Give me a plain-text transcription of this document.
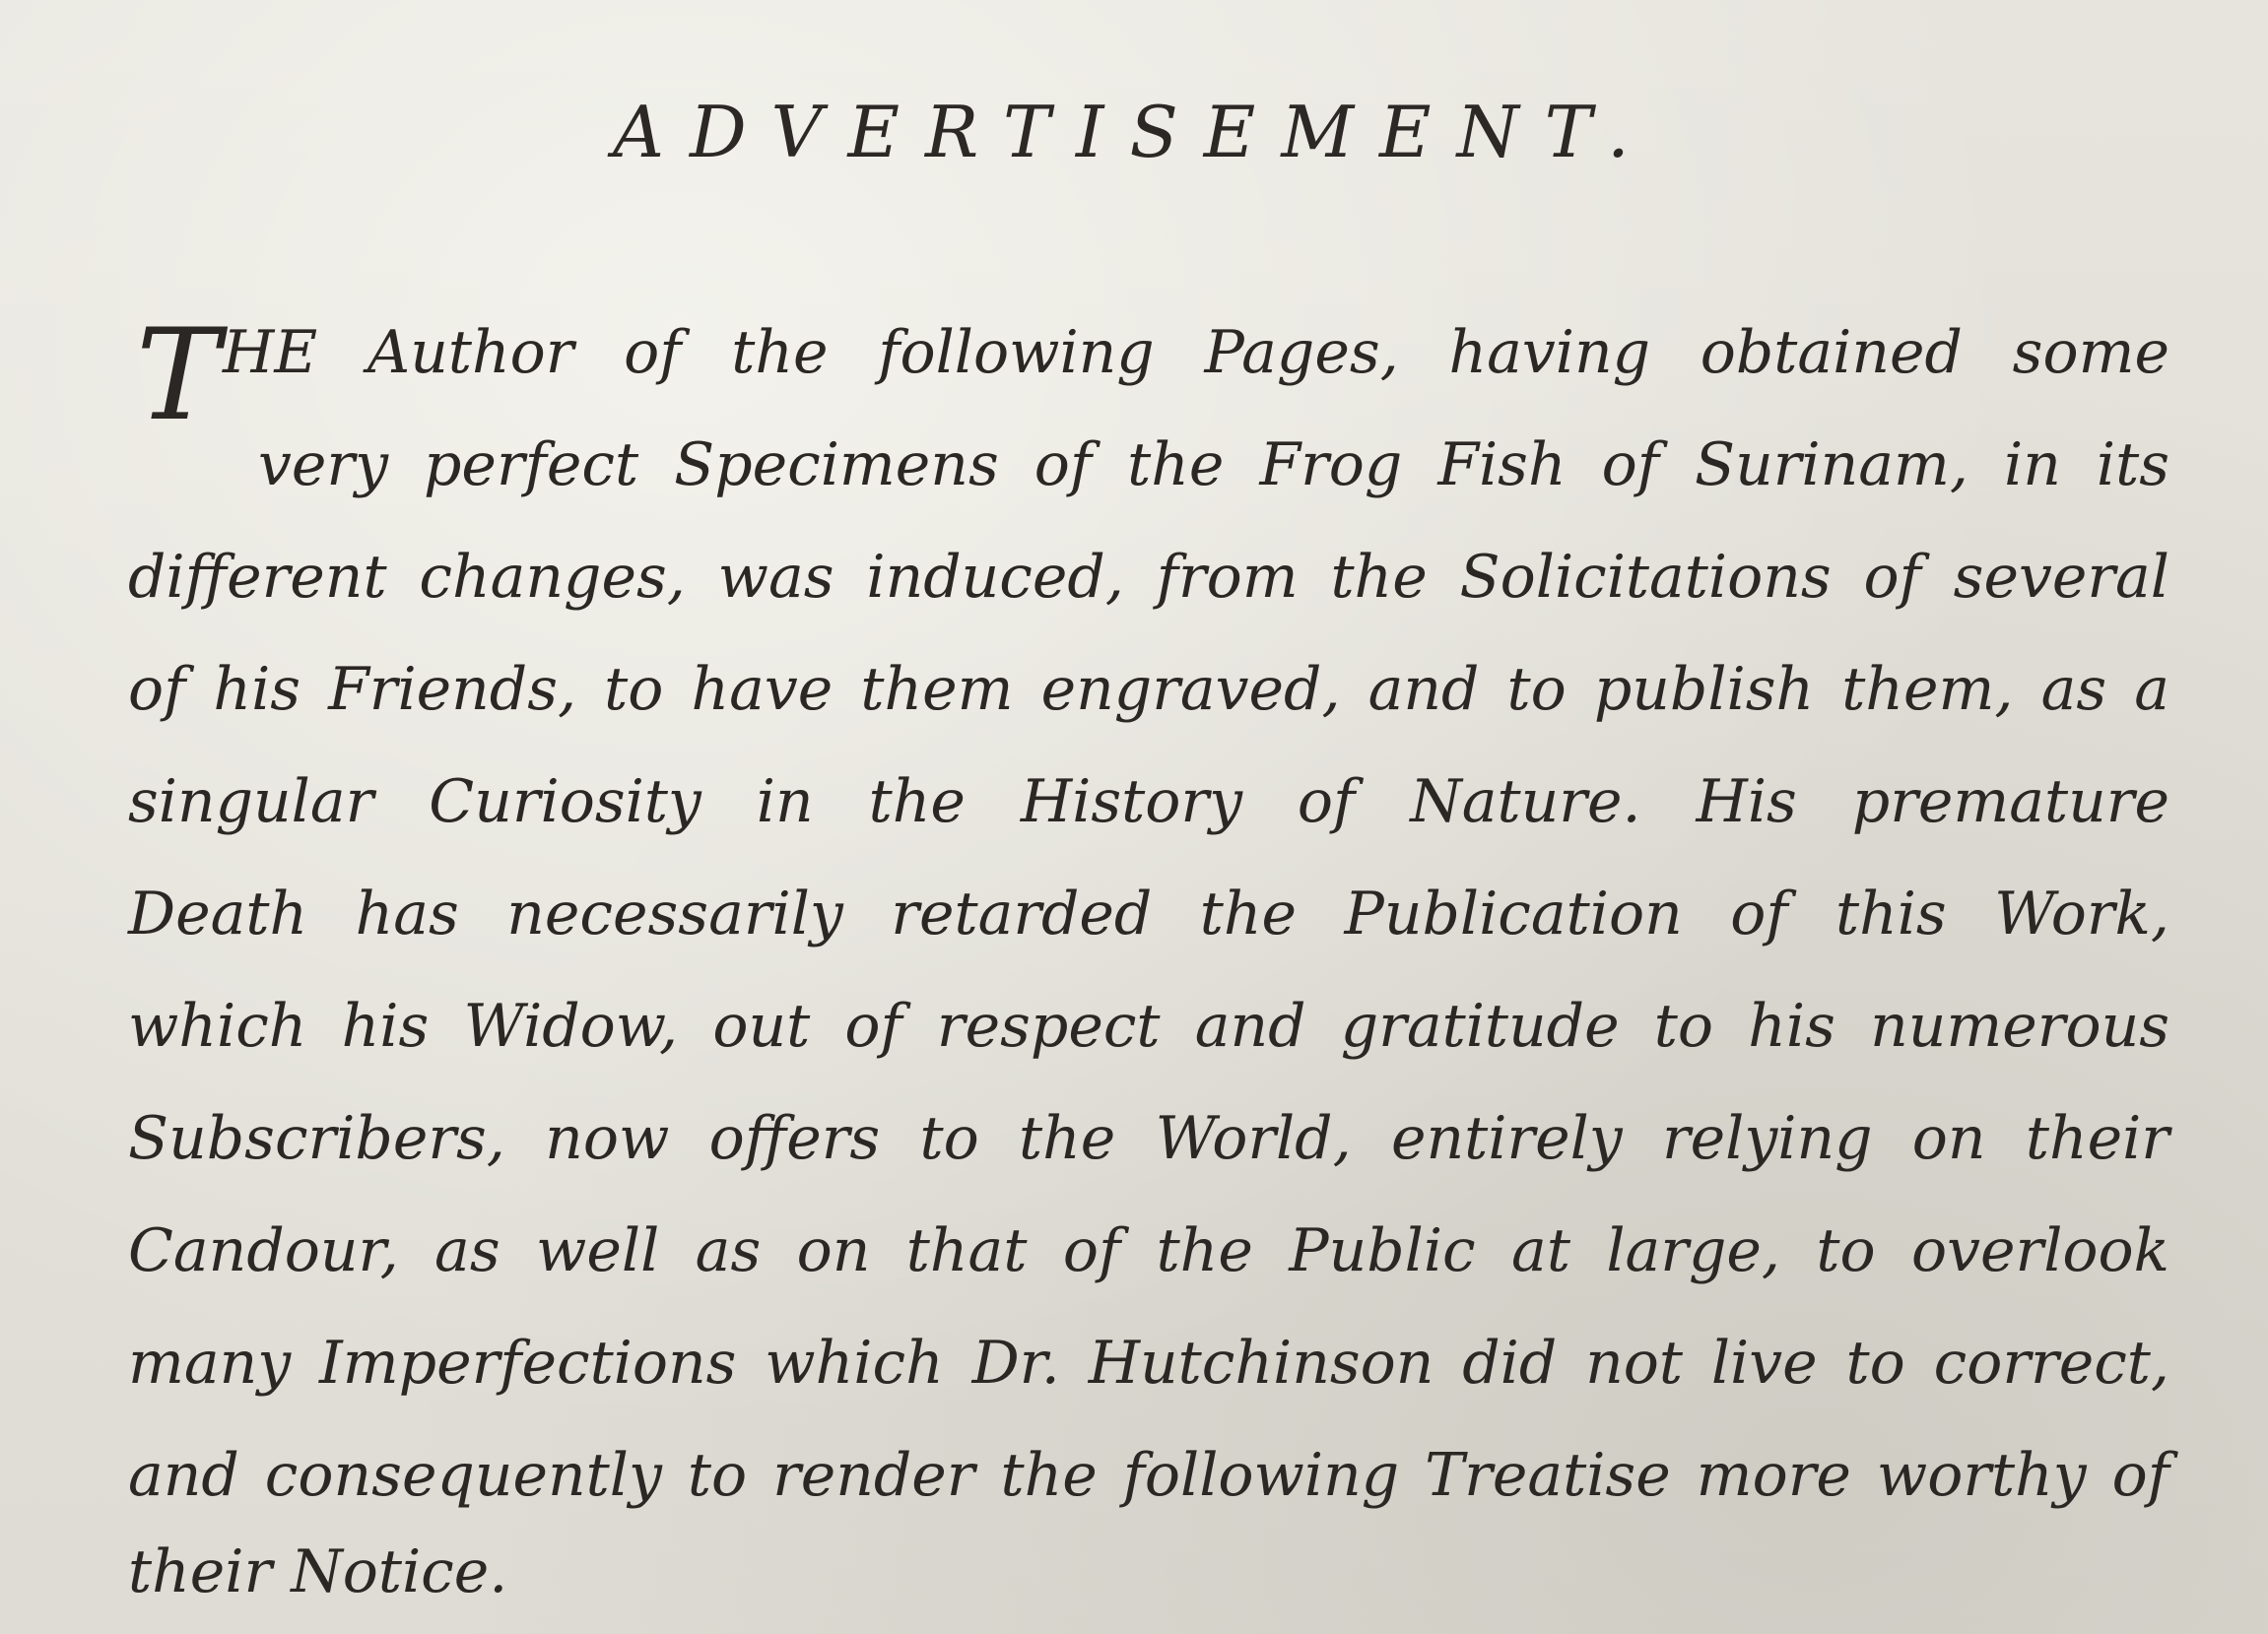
ADVERTISEMENT.
T HE Author of the following Pages, having obtained some
very perfect Specimens of the Frog Fish of Surinam, in its
different changes, was induced, from the Solicitations of several
of his Friends, to have them engraved, and to publish them, as a
singular Curiosity in the History of Nature. His premature
Death has necessarily retarded the Publication of this Work,
which his Widow, out of respect and gratitude to his numerous
Subscribers, now offers to the World, entirely relying on their
Candour, as well as on that of the Public at large, to overlook
many Imperfections which Dr. Hutchinson did not live to correct,
and consequently to render the following Treatise more worthy of
their Notice.
